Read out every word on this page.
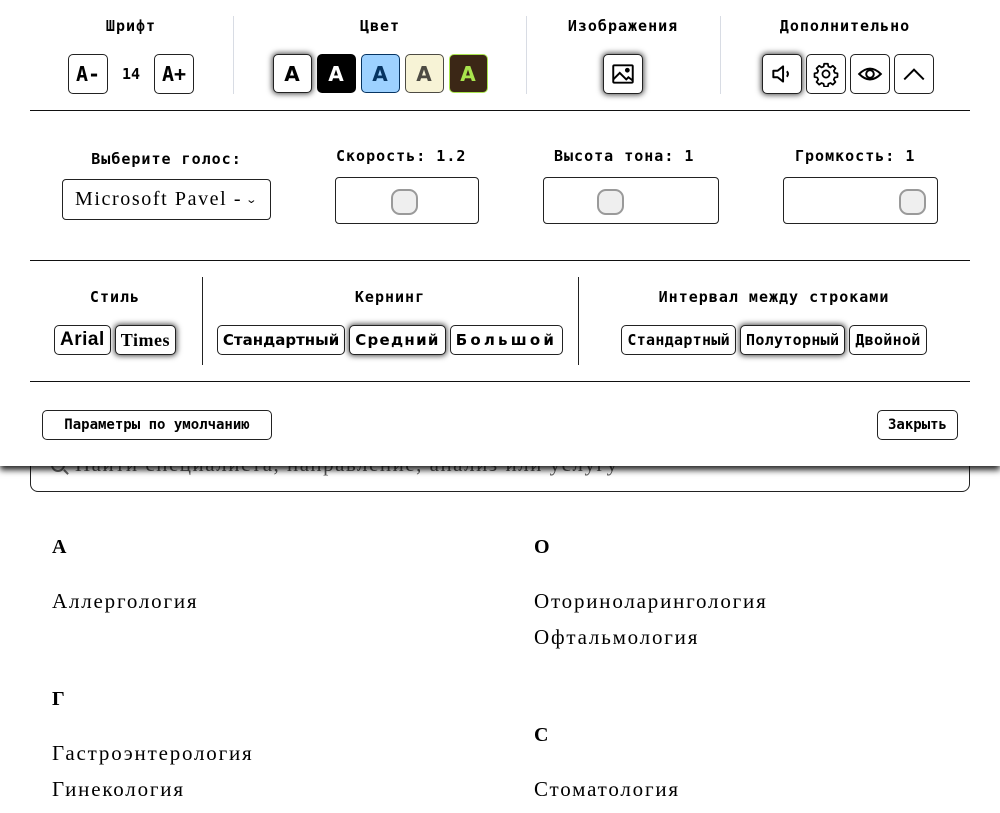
А
Аллергология
О
Оториноларингология
Офтальмология
Г
Гастроэнтерология
Гинекология
С
Стоматология
Шрифт
A-	14	A+
Цвет
A	A	A	A	A
Изображения	Дополнительно
Выберите голос:
Microsoft Pavel - ⌄
Скорость: 1.2	Высота тона: 1	Громкость: 1
Стиль
Arial Times
Кернинг
Стандартный	Средний	Большой
Интервал между строками
Стандартный	Полуторный	Двойной
Параметры по умолчанию	Закрыть
